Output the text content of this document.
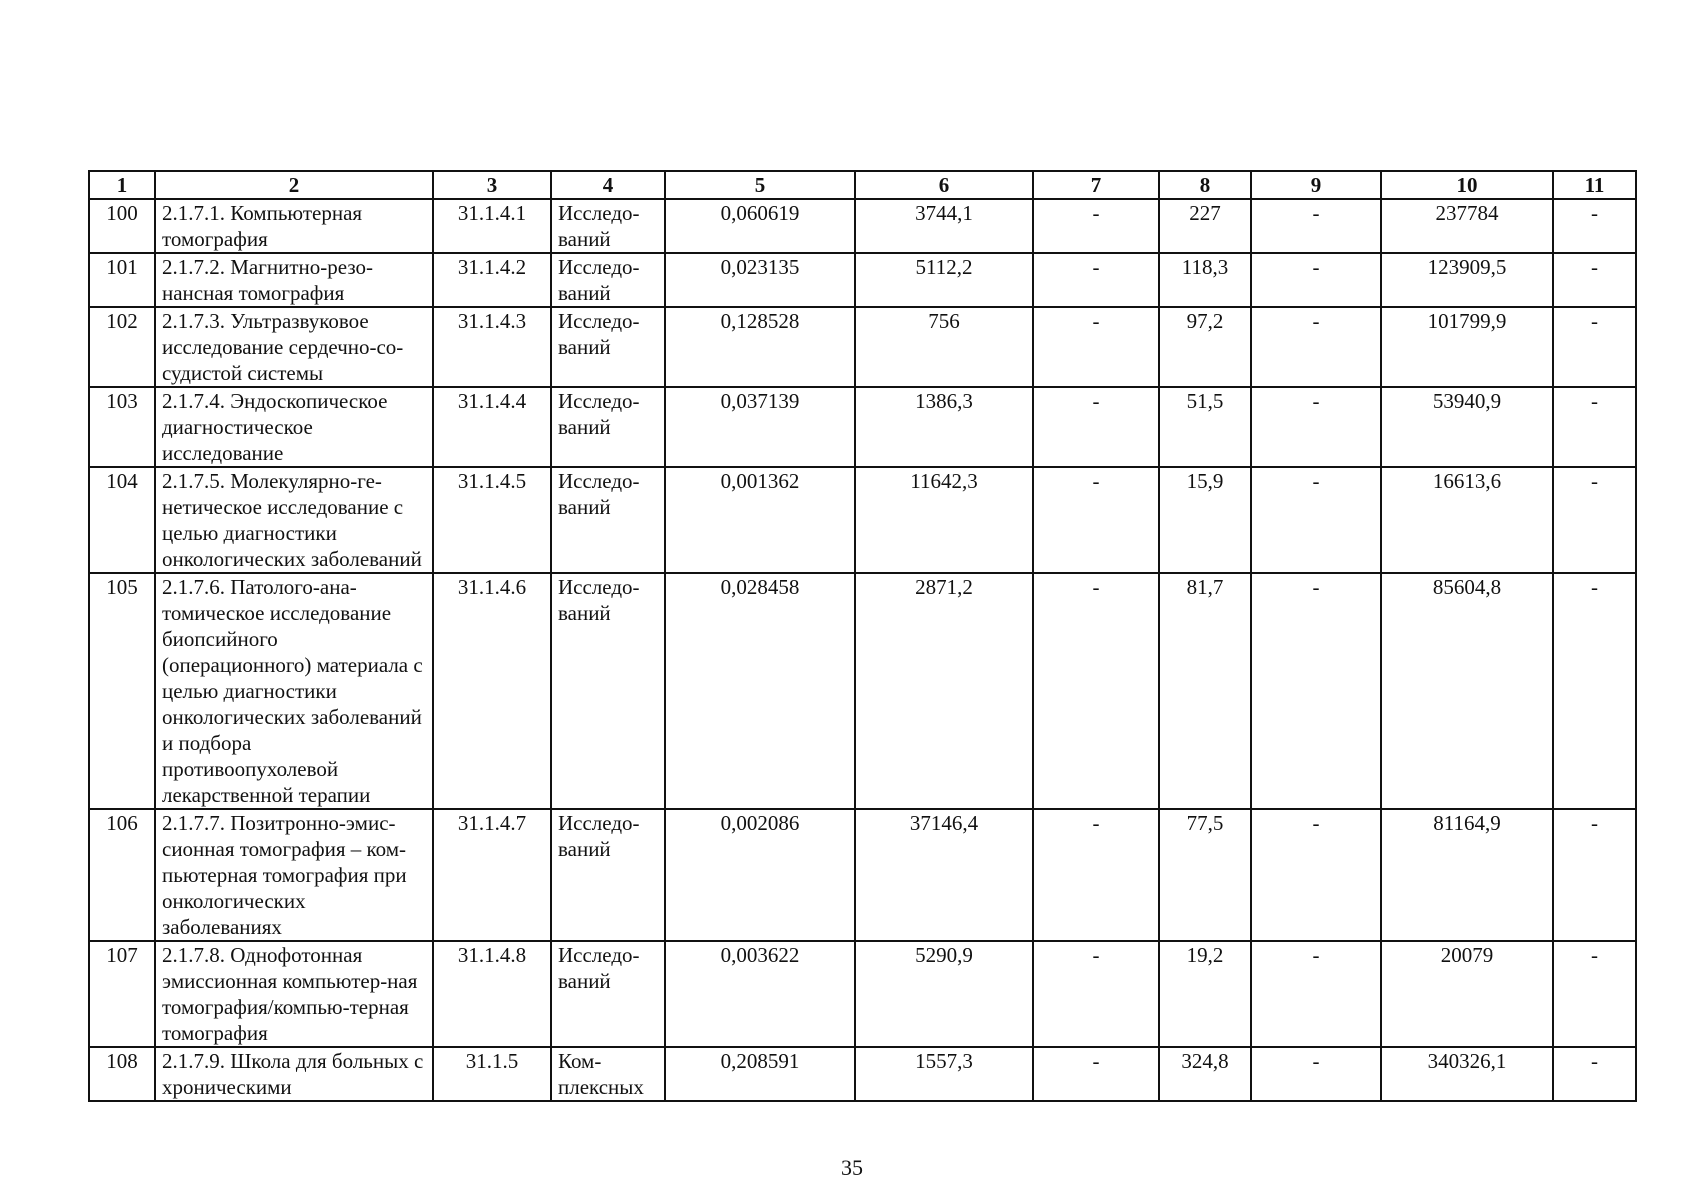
1	2	3	4	5	6	7	8	9	10	11
100	2.1.7.1. Компьютерная томография	31.1.4.1	Исследо-ваний	0,060619	3744,1	-	227	-	237784	-
101	2.1.7.2. Магнитно-резо-нансная томография	31.1.4.2	Исследо-ваний	0,023135	5112,2	-	118,3	-	123909,5	-
102	2.1.7.3. Ультразвуковое исследование сердечно-со-судистой системы	31.1.4.3	Исследо-ваний	0,128528	756	-	97,2	-	101799,9	-
103	2.1.7.4. Эндоскопическое диагностическое исследование	31.1.4.4	Исследо-ваний	0,037139	1386,3	-	51,5	-	53940,9	-
104	2.1.7.5. Молекулярно-ге-нетическое исследование с целью диагностики онкологических заболеваний	31.1.4.5	Исследо-ваний	0,001362	11642,3	-	15,9	-	16613,6	-
105	2.1.7.6. Патолого-ана-томическое исследование биопсийного (операционного) материала с целью диагностики онкологических заболеваний и подбора противоопухолевой лекарственной терапии	31.1.4.6	Исследо-ваний	0,028458	2871,2	-	81,7	-	85604,8	-
106	2.1.7.7. Позитронно-эмис-сионная томография – ком-пьютерная томография при онкологических заболеваниях	31.1.4.7	Исследо-ваний	0,002086	37146,4	-	77,5	-	81164,9	-
107	2.1.7.8. Однофотонная эмиссионная компьютер-ная томография/компью-терная томография	31.1.4.8	Исследо-ваний	0,003622	5290,9	-	19,2	-	20079	-
108	2.1.7.9. Школа для больных с хроническими	31.1.5	Ком-плексных	0,208591	1557,3	-	324,8	-	340326,1	-
35
